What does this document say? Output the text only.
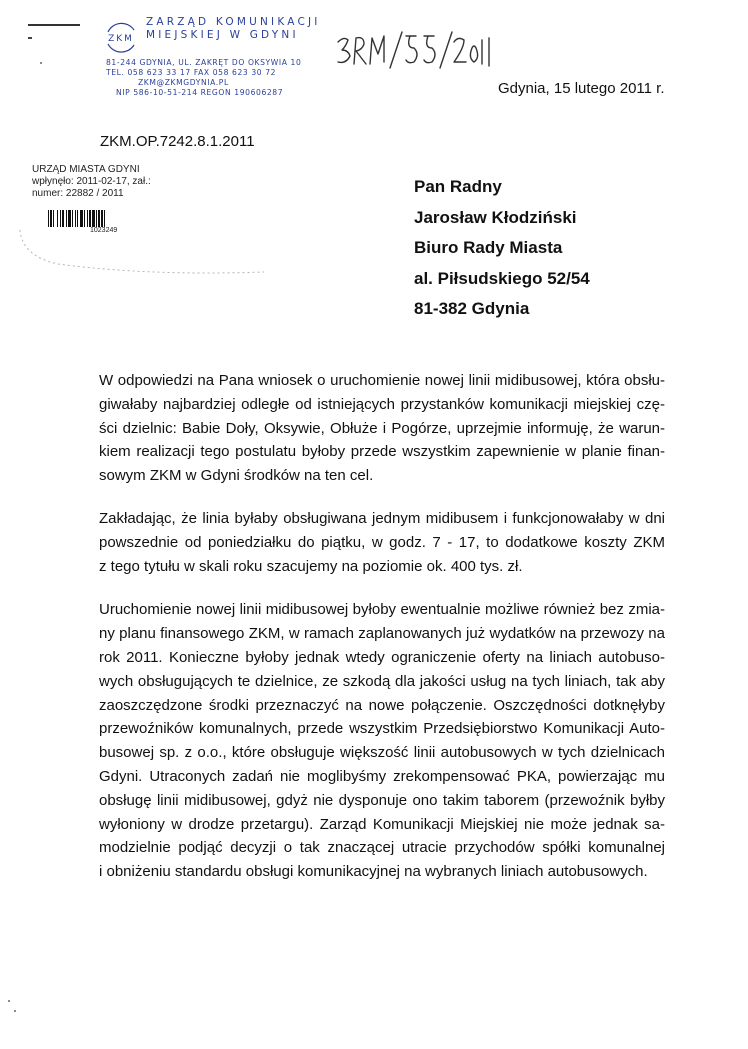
ZKM
ZARZĄD KOMUNIKACJI
MIEJSKIEJ W GDYNI
81-244 GDYNIA, UL. ZAKRĘT DO OKSYWIA 10
TEL. 058 623 33 17 FAX 058 623 30 72
ZKM@ZKMGDYNIA.PL
NIP 586-10-51-214 REGON 190606287	Gdynia, 15 lutego 2011 r.
ZKM.OP.7242.8.1.2011
URZĄD MIASTA GDYNI
wpłynęło: 2011-02-17, zał.:
numer: 22882 / 2011
1023249
Pan Radny
Jarosław Kłodziński
Biuro Rady Miasta
al. Piłsudskiego 52/54
81-382 Gdynia

W odpowiedzi na Pana wniosek o uruchomienie nowej linii midibusowej, która obsłu-
giwałaby najbardziej odległe od istniejących przystanków komunikacji miejskiej czę-
ści dzielnic: Babie Doły, Oksywie, Obłuże i Pogórze, uprzejmie informuję, że warun-
kiem realizacji tego postulatu byłoby przede wszystkim zapewnienie w planie finan-
sowym ZKM w Gdyni środków na ten cel.

Zakładając, że linia byłaby obsługiwana jednym midibusem i funkcjonowałaby w dni
powszednie od poniedziałku do piątku, w godz. 7 - 17, to dodatkowe koszty ZKM
z tego tytułu w skali roku szacujemy na poziomie ok. 400 tys. zł.

Uruchomienie nowej linii midibusowej byłoby ewentualnie możliwe również bez zmia-
ny planu finansowego ZKM, w ramach zaplanowanych już wydatków na przewozy na
rok 2011. Konieczne byłoby jednak wtedy ograniczenie oferty na liniach autobuso-
wych obsługujących te dzielnice, ze szkodą dla jakości usług na tych liniach, tak aby
zaoszczędzone środki przeznaczyć na nowe połączenie. Oszczędności dotknęłyby
przewoźników komunalnych, przede wszystkim Przedsiębiorstwo Komunikacji Auto-
busowej sp. z o.o., które obsługuje większość linii autobusowych w tych dzielnicach
Gdyni. Utraconych zadań nie moglibyśmy zrekompensować PKA, powierzając mu
obsługę linii midibusowej, gdyż nie dysponuje ono takim taborem (przewoźnik byłby
wyłoniony w drodze przetargu). Zarząd Komunikacji Miejskiej nie może jednak sa-
modzielnie podjąć decyzji o tak znaczącej utracie przychodów spółki komunalnej
i obniżeniu standardu obsługi komunikacyjnej na wybranych liniach autobusowych.
